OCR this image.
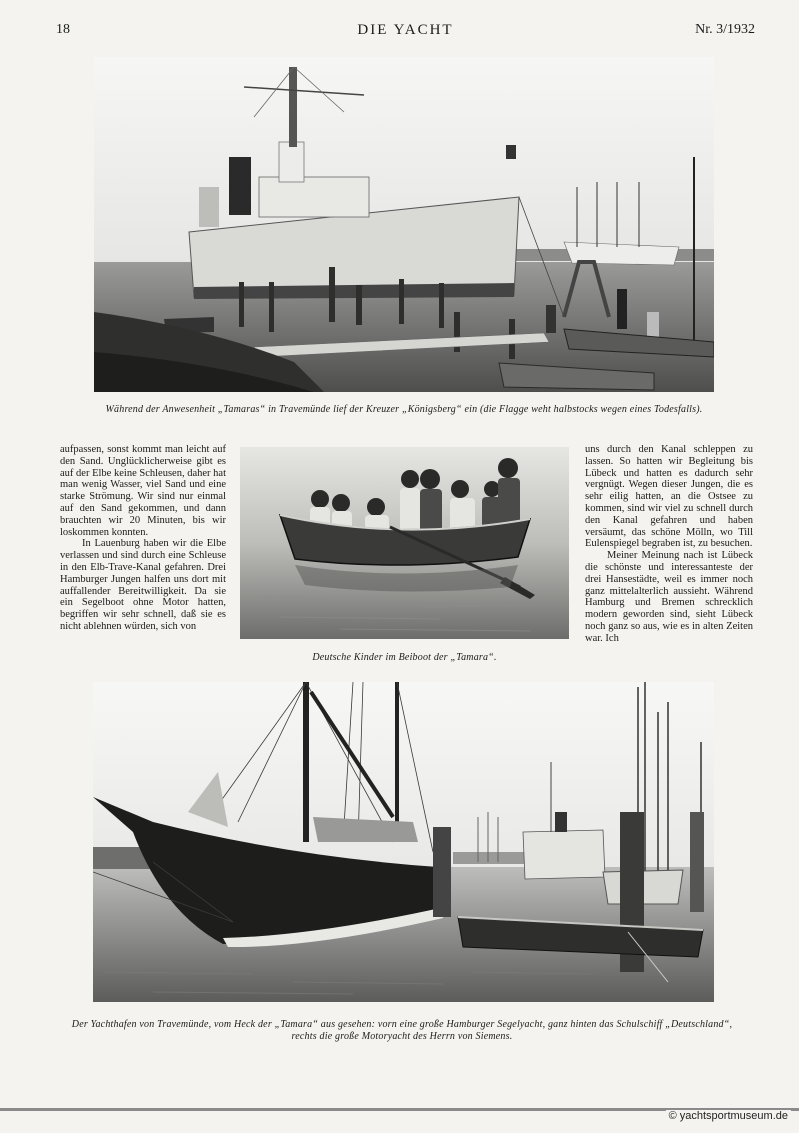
18	DIE YACHT	Nr. 3/1932
Während der Anwesenheit „Tamaras“ in Travemünde lief der Kreuzer „Königsberg“ ein (die Flagge weht halbstocks wegen eines Todesfalls).

aufpassen, sonst kommt man leicht auf den Sand. Unglücklicherweise gibt es auf der Elbe keine Schleusen, daher hat man wenig Wasser, viel Sand und eine starke Strömung. Wir sind nur einmal auf den Sand gekommen, und dann brauchten wir 20 Minuten, bis wir loskommen konnten.

In Lauenburg haben wir die Elbe verlassen und sind durch eine Schleuse in den Elb-Trave-Kanal gefahren. Drei Hamburger Jungen halfen uns dort mit auffallender Bereitwilligkeit. Da sie ein Segelboot ohne Motor hatten, begriffen wir sehr schnell, daß sie es nicht ablehnen würden, sich von

Deutsche Kinder im Beiboot der „Tamara“.

uns durch den Kanal schleppen zu lassen. So hatten wir Begleitung bis Lübeck und hatten es dadurch sehr vergnügt. Wegen dieser Jungen, die es sehr eilig hatten, an die Ostsee zu kommen, sind wir viel zu schnell durch den Kanal gefahren und haben versäumt, das schöne Mölln, wo Till Eulenspiegel begraben ist, zu besuchen.

Meiner Meinung nach ist Lübeck die schönste und interessanteste der drei Hansestädte, weil es immer noch ganz mittelalterlich aussieht. Während Hamburg und Bremen schrecklich modern geworden sind, sieht Lübeck noch ganz so aus, wie es in alten Zeiten war. Ich

Der Yachthafen von Travemünde, vom Heck der „Tamara“ aus gesehen: vorn eine große Hamburger Segelyacht, ganz hinten das Schulschiff „Deutschland“, rechts die große Motoryacht des Herrn von Siemens.
© yachtsportmuseum.de
